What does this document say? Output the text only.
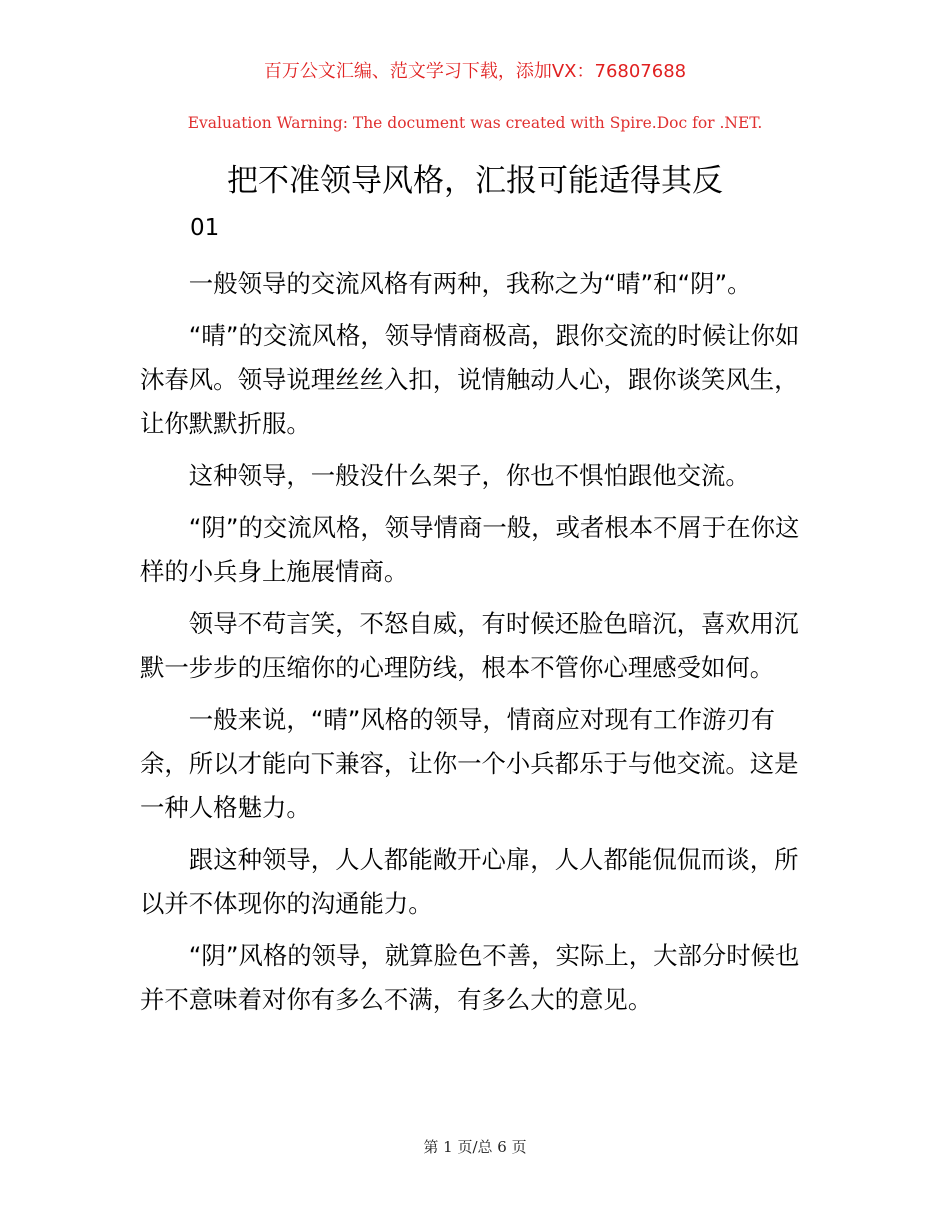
百万公文汇编、范文学习下载，添加VX：76807688
Evaluation Warning: The document was created with Spire.Doc for .NET.
把不准领导风格，汇报可能适得其反
01

一般领导的交流风格有两种，我称之为“晴”和“阴”。

“晴”的交流风格，领导情商极高，跟你交流的时候让你如沐春风。领导说理丝丝入扣，说情触动人心，跟你谈笑风生，让你默默折服。

这种领导，一般没什么架子，你也不惧怕跟他交流。

“阴”的交流风格，领导情商一般，或者根本不屑于在你这样的小兵身上施展情商。

领导不苟言笑，不怒自威，有时候还脸色暗沉，喜欢用沉默一步步的压缩你的心理防线，根本不管你心理感受如何。

一般来说，“晴”风格的领导，情商应对现有工作游刃有余，所以才能向下兼容，让你一个小兵都乐于与他交流。这是一种人格魅力。

跟这种领导，人人都能敞开心扉，人人都能侃侃而谈，所以并不体现你的沟通能力。

“阴”风格的领导，就算脸色不善，实际上，大部分时候也并不意味着对你有多么不满，有多么大的意见。

第 1 页/总 6 页
